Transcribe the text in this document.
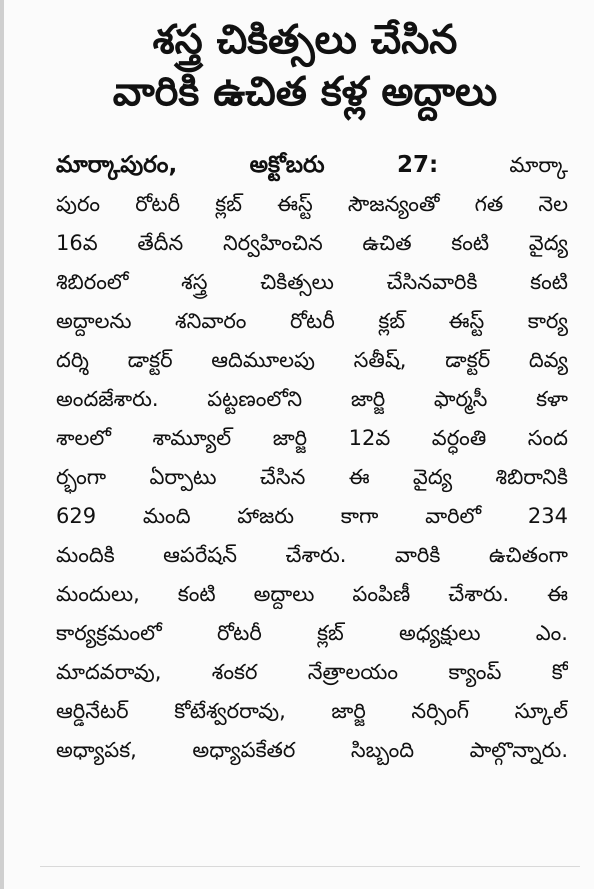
శస్త్ర చికిత్సలు చేసిన
వారికి ఉచిత కళ్ల అద్దాలు
మార్కాపురం, అక్టోబరు 27:	మార్కా
పురం రోటరీ క్లబ్ ఈస్ట్ సౌజన్యంతో గత నెల
16వ తేదీన నిర్వహించిన ఉచిత కంటి వైద్య
శిబిరంలో శస్త్ర చికిత్సలు చేసినవారికి కంటి
అద్దాలను శనివారం రోటరీ క్లబ్ ఈస్ట్ కార్య
దర్శి డాక్టర్ ఆదిమూలపు సతీష్, డాక్టర్ దివ్య
అందజేశారు. పట్టణంలోని జార్జి ఫార్మసీ కళా
శాలలో శామ్యూల్ జార్జి 12వ వర్ధంతి సంద
ర్భంగా ఏర్పాటు చేసిన ఈ వైద్య శిబిరానికి
629 మంది హాజరు కాగా వారిలో 234
మందికి ఆపరేషన్ చేశారు. వారికి ఉచితంగా
మందులు, కంటి అద్దాలు పంపిణీ చేశారు. ఈ
కార్యక్రమంలో రోటరీ క్లబ్ అధ్యక్షులు ఎం.
మాదవరావు, శంకర నేత్రాలయం క్యాంప్ కో
ఆర్డినేటర్ కోటేశ్వరరావు, జార్జి నర్సింగ్ స్కూల్
అధ్యాపక, అధ్యాపకేతర సిబ్బంది పాల్గొన్నారు.
